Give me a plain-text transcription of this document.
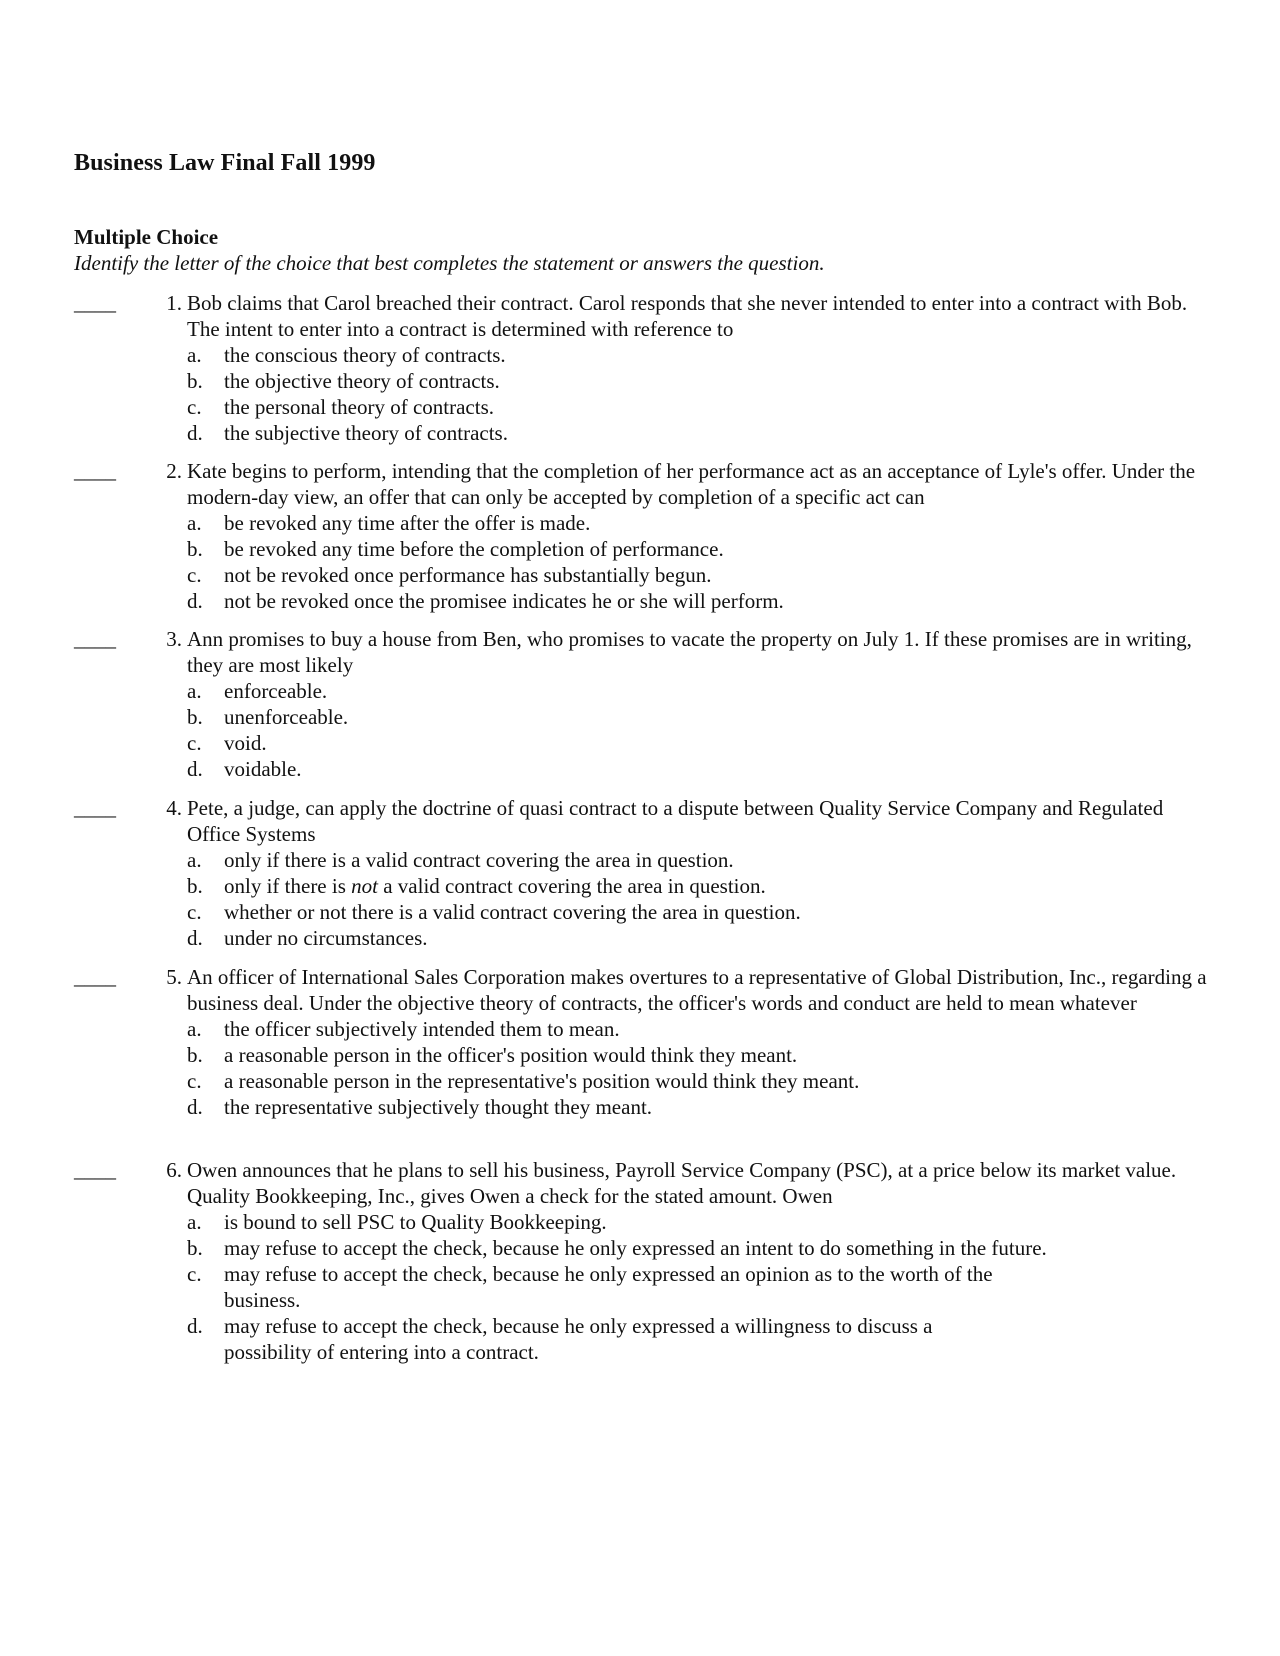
Business Law Final Fall 1999
Multiple Choice
Identify the letter of the choice that best completes the statement or answers the question.
____	1. Bob claims that Carol breached their contract. Carol responds that she never intended to enter into a contract with Bob. The intent to enter into a contract is determined with reference to
a.	the conscious theory of contracts.
b.	the objective theory of contracts.
c.	the personal theory of contracts.
d.	the subjective theory of contracts.
____	2. Kate begins to perform, intending that the completion of her performance act as an acceptance of Lyle's offer. Under the modern-day view, an offer that can only be accepted by completion of a specific act can
a.	be revoked any time after the offer is made.
b.	be revoked any time before the completion of performance.
c.	not be revoked once performance has substantially begun.
d.	not be revoked once the promisee indicates he or she will perform.
____	3. Ann promises to buy a house from Ben, who promises to vacate the property on July 1. If these promises are in writing, they are most likely
a.	enforceable.
b.	unenforceable.
c.	void.
d.	voidable.
____	4. Pete, a judge, can apply the doctrine of quasi contract to a dispute between Quality Service Company and Regulated Office Systems
a.	only if there is a valid contract covering the area in question.
b.	only if there is not a valid contract covering the area in question.
c.	whether or not there is a valid contract covering the area in question.
d.	under no circumstances.
____	5. An officer of International Sales Corporation makes overtures to a representative of Global Distribution, Inc., regarding a business deal. Under the objective theory of contracts, the officer's words and conduct are held to mean whatever
a.	the officer subjectively intended them to mean.
b.	a reasonable person in the officer's position would think they meant.
c.	a reasonable person in the representative's position would think they meant.
d.	the representative subjectively thought they meant.
____	6. Owen announces that he plans to sell his business, Payroll Service Company (PSC), at a price below its market value. Quality Bookkeeping, Inc., gives Owen a check for the stated amount. Owen
a.	is bound to sell PSC to Quality Bookkeeping.
b.	may refuse to accept the check, because he only expressed an intent to do something in the future.
c.	may refuse to accept the check, because he only expressed an opinion as to the worth of the business.
d.	may refuse to accept the check, because he only expressed a willingness to discuss a possibility of entering into a contract.
